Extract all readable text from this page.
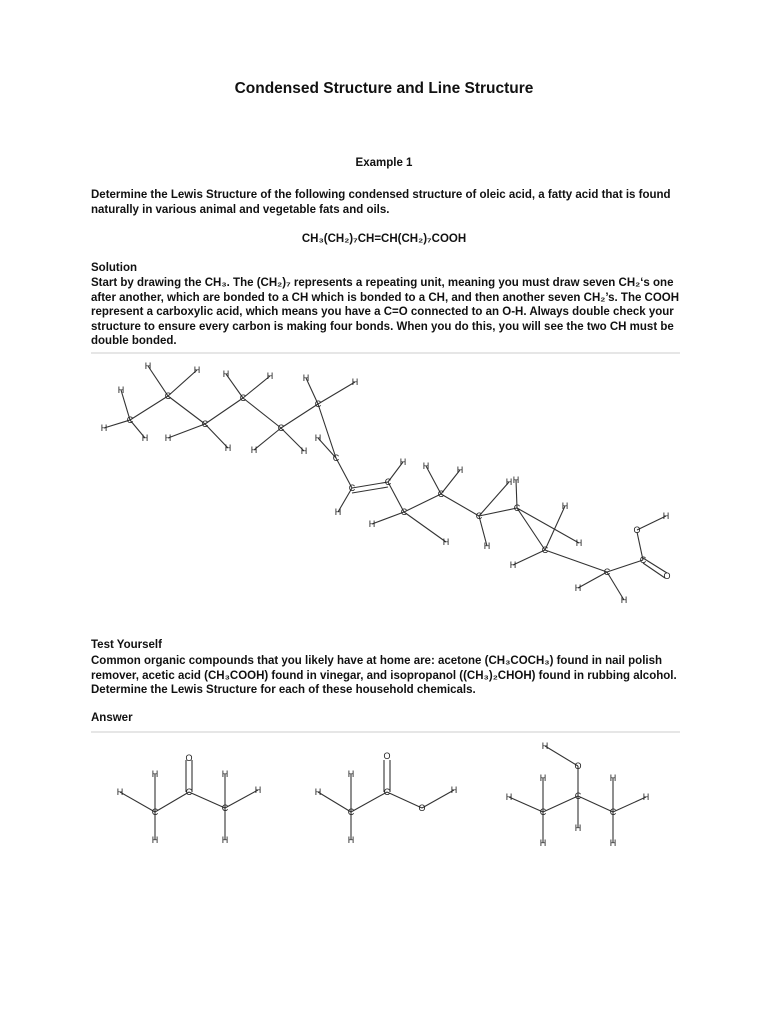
Condensed Structure and Line Structure
Example 1
Determine the Lewis Structure of the following condensed structure of oleic acid, a fatty acid that is found naturally in various animal and vegetable fats and oils.
CH₃(CH₂)₇CH=CH(CH₂)₇COOH
Solution
Start by drawing the CH₃. The (CH₂)₇ represents a repeating unit, meaning you must draw seven CH₂‘s one after another, which are bonded to a CH which is bonded to a CH, and then another seven CH₂’s. The COOH represent a carboxylic acid, which means you have a C=O connected to an O-H. Always double check your structure to ensure every carbon is making four bonds. When you do this, you will see the two CH must be double bonded.
H
H
H
H	H
H
H
H	H
H	H
H	H
H
H
H
H
H
H	H
H
H
H
H
H
H
H
H
O
O
H
C
C
C
C
C
C
C
C
C
C
C
C
C
C
C
C
Test Yourself
Common organic compounds that you likely have at home are: acetone (CH₃COCH₃) found in nail polish remover, acetic acid (CH₃COOH) found in vinegar, and isopropanol ((CH₃)₂CHOH) found in rubbing alcohol. Determine the Lewis Structure for each of these household chemicals.
Answer
H
H
H
H
H
H
O
C
C
C
H
H
H
O
O
H
C
C
H
H
H
H
H
H
H
O
H
C
C
C
